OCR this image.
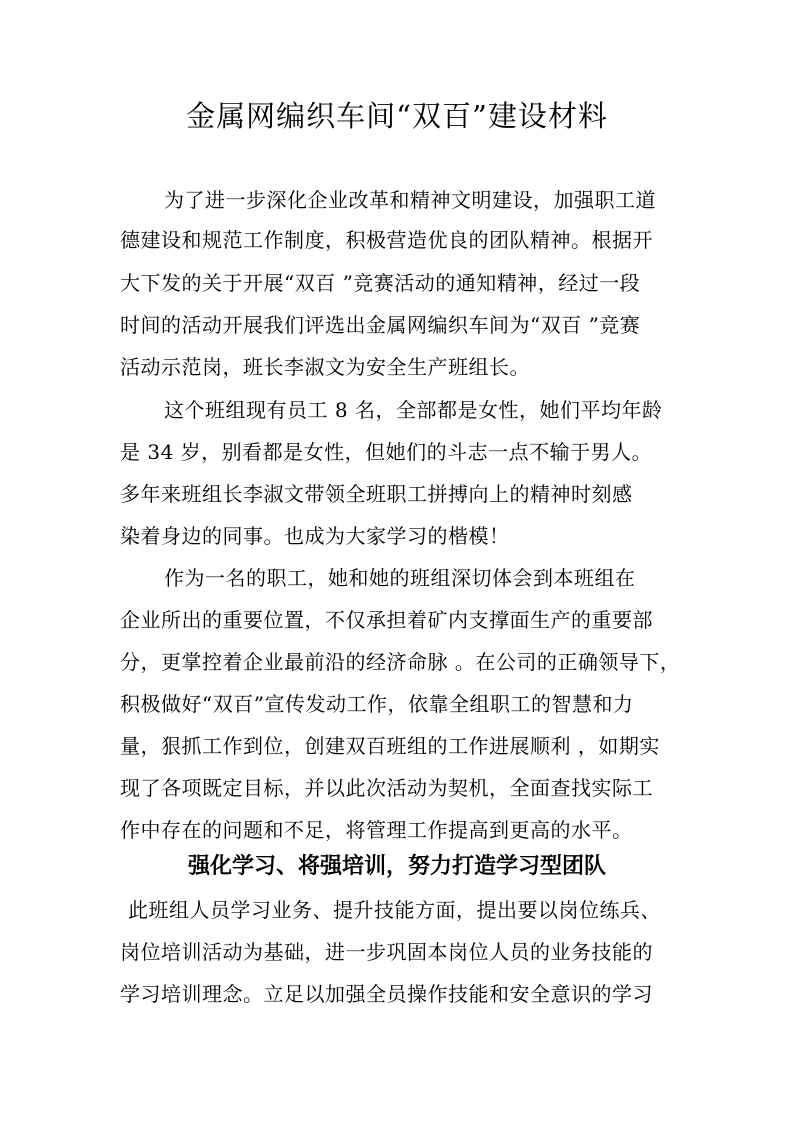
金属网编织车间“双百”建设材料
为了进一步深化企业改革和精神文明建设，加强职工道
德建设和规范工作制度，积极营造优良的团队精神。根据开
大下发的关于开展“双百 ”竞赛活动的通知精神，经过一段
时间的活动开展我们评选出金属网编织车间为“双百 ”竞赛
活动示范岗，班长李淑文为安全生产班组长。
这个班组现有员工 8 名，全部都是女性，她们平均年龄
是 34 岁，别看都是女性，但她们的斗志一点不输于男人。
多年来班组长李淑文带领全班职工拼搏向上的精神时刻感
染着身边的同事。也成为大家学习的楷模！
作为一名的职工，她和她的班组深切体会到本班组在
企业所出的重要位置，不仅承担着矿内支撑面生产的重要部
分，更掌控着企业最前沿的经济命脉 。在公司的正确领导下，
积极做好“双百”宣传发动工作，依靠全组职工的智慧和力
量，狠抓工作到位，创建双百班组的工作进展顺利 ，如期实
现了各项既定目标，并以此次活动为契机，全面查找实际工
作中存在的问题和不足，将管理工作提高到更高的水平。
强化学习、将强培训，努力打造学习型团队
此班组人员学习业务、提升技能方面，提出要以岗位练兵、
岗位培训活动为基础，进一步巩固本岗位人员的业务技能的
学习培训理念。立足以加强全员操作技能和安全意识的学习
